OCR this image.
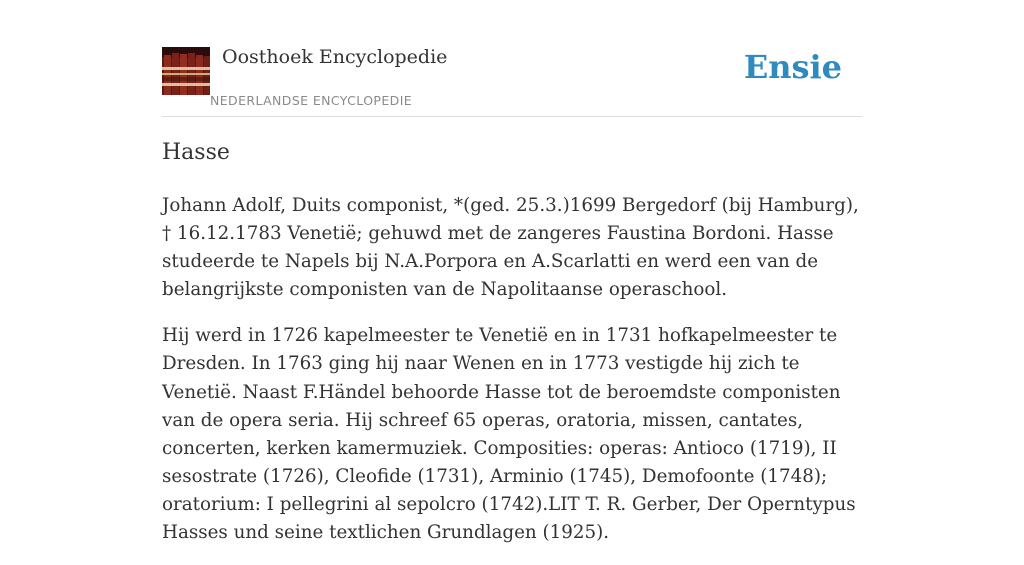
Oosthoek Encyclopedie
NEDERLANDSE ENCYCLOPEDIE
Ensie
Hasse

Johann Adolf, Duits componist, *(ged. 25.3.)1699 Bergedorf (bij Hamburg), † 16.12.1783 Venetië; gehuwd met de zangeres Faustina Bordoni. Hasse studeerde te Napels bij N.A.Porpora en A.Scarlatti en werd een van de belangrijkste componisten van de Napolitaanse operaschool.

Hij werd in 1726 kapelmeester te Venetië en in 1731 hofkapelmeester te Dresden. In 1763 ging hij naar Wenen en in 1773 vestigde hij zich te Venetië. Naast F.Händel behoorde Hasse tot de beroemdste componisten van de opera seria. Hij schreef 65 operas, oratoria, missen, cantates, concerten, kerken kamermuziek. Composities: operas: Antioco (1719), II sesostrate (1726), Cleofide (1731), Arminio (1745), Demofoonte (1748); oratorium: I pellegrini al sepolcro (1742).LIT T. R. Gerber, Der Operntypus Hasses und seine textlichen Grundlagen (1925).
